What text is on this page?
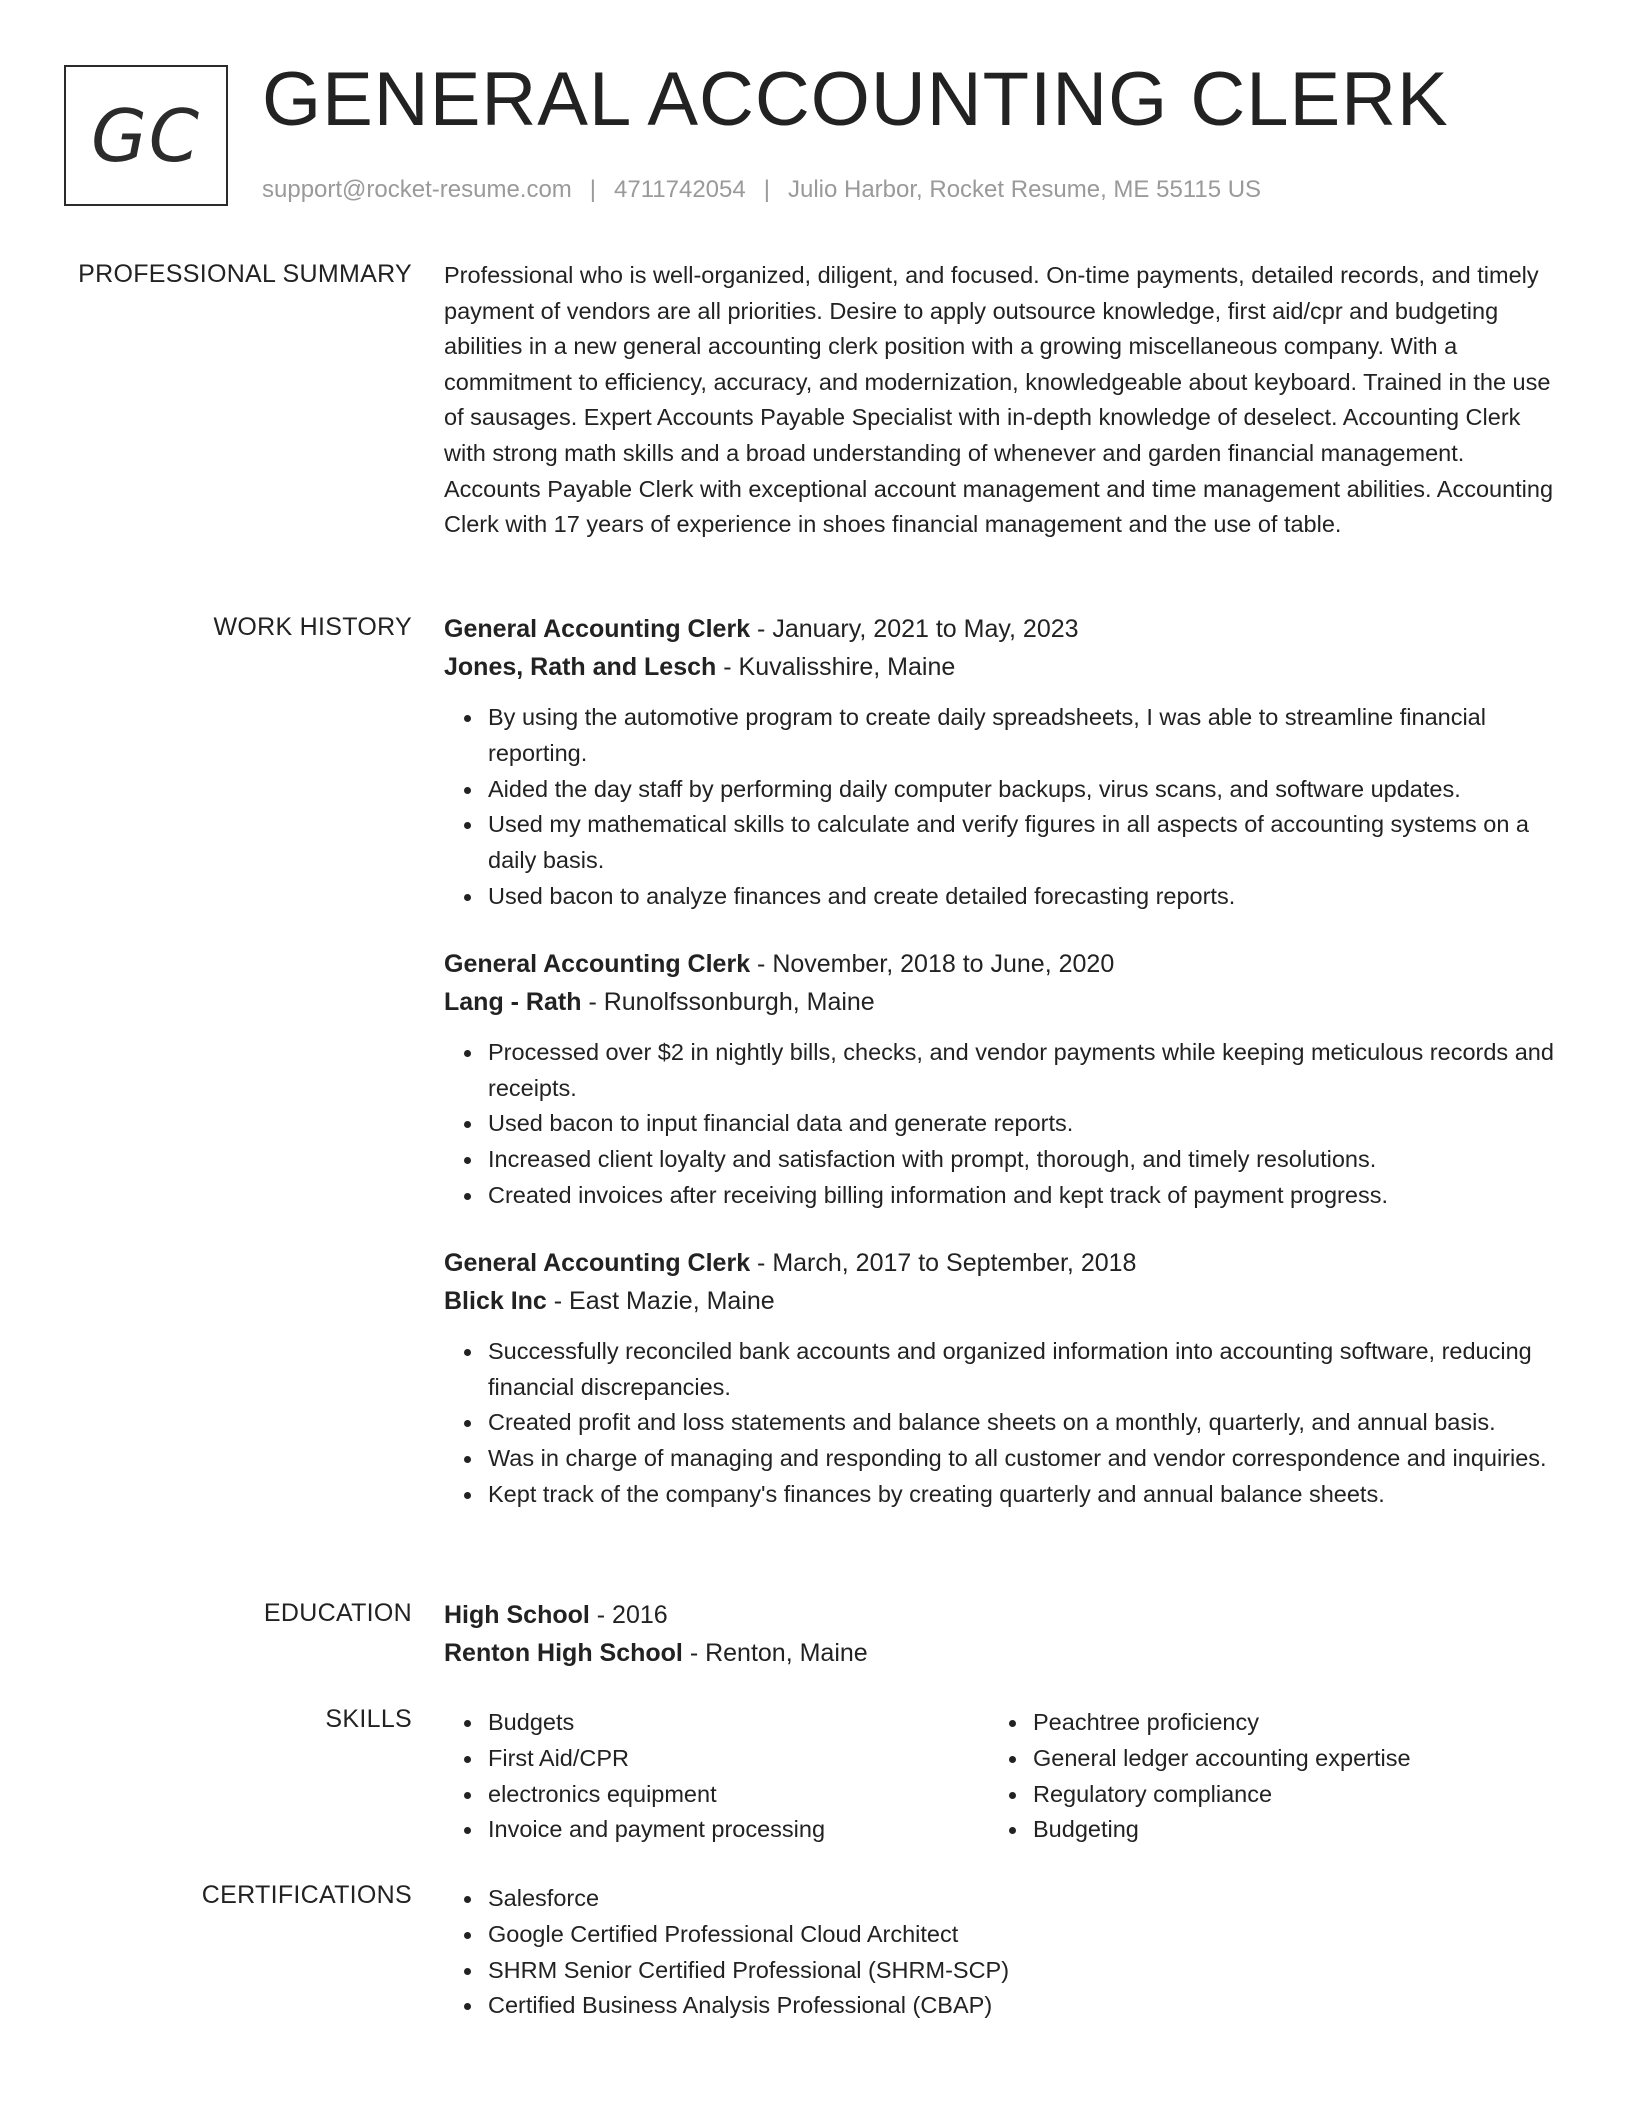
GC GENERAL ACCOUNTING CLERK
support@rocket-resume.com | 4711742054 | Julio Harbor, Rocket Resume, ME 55115 US
PROFESSIONAL SUMMARY Professional who is well-organized, diligent, and focused. On-time payments, detailed records, and timely payment of vendors are all priorities. Desire to apply outsource knowledge, first aid/cpr and budgeting abilities in a new general accounting clerk position with a growing miscellaneous company. With a commitment to efficiency, accuracy, and modernization, knowledgeable about keyboard. Trained in the use of sausages. Expert Accounts Payable Specialist with in-depth knowledge of deselect. Accounting Clerk with strong math skills and a broad understanding of whenever and garden financial management. Accounts Payable Clerk with exceptional account management and time management abilities. Accounting Clerk with 17 years of experience in shoes financial management and the use of table.

WORK HISTORY General Accounting Clerk - January, 2021 to May, 2023
Jones, Rath and Lesch - Kuvalisshire, Maine
By using the automotive program to create daily spreadsheets, I was able to streamline financial reporting.
Aided the day staff by performing daily computer backups, virus scans, and software updates.
Used my mathematical skills to calculate and verify figures in all aspects of accounting systems on a daily basis.
Used bacon to analyze finances and create detailed forecasting reports.
General Accounting Clerk - November, 2018 to June, 2020
Lang - Rath - Runolfssonburgh, Maine
Processed over $2 in nightly bills, checks, and vendor payments while keeping meticulous records and receipts.
Used bacon to input financial data and generate reports.
Increased client loyalty and satisfaction with prompt, thorough, and timely resolutions.
Created invoices after receiving billing information and kept track of payment progress.
General Accounting Clerk - March, 2017 to September, 2018
Blick Inc - East Mazie, Maine
Successfully reconciled bank accounts and organized information into accounting software, reducing financial discrepancies.
Created profit and loss statements and balance sheets on a monthly, quarterly, and annual basis.
Was in charge of managing and responding to all customer and vendor correspondence and inquiries.
Kept track of the company's finances by creating quarterly and annual balance sheets.
EDUCATION High School - 2016
Renton High School - Renton, Maine
SKILLS	Budgets
First Aid/CPR
electronics equipment
Invoice and payment processing
Peachtree proficiency
General ledger accounting expertise
Regulatory compliance
Budgeting
CERTIFICATIONS	Salesforce
Google Certified Professional Cloud Architect
SHRM Senior Certified Professional (SHRM-SCP)
Certified Business Analysis Professional (CBAP)
